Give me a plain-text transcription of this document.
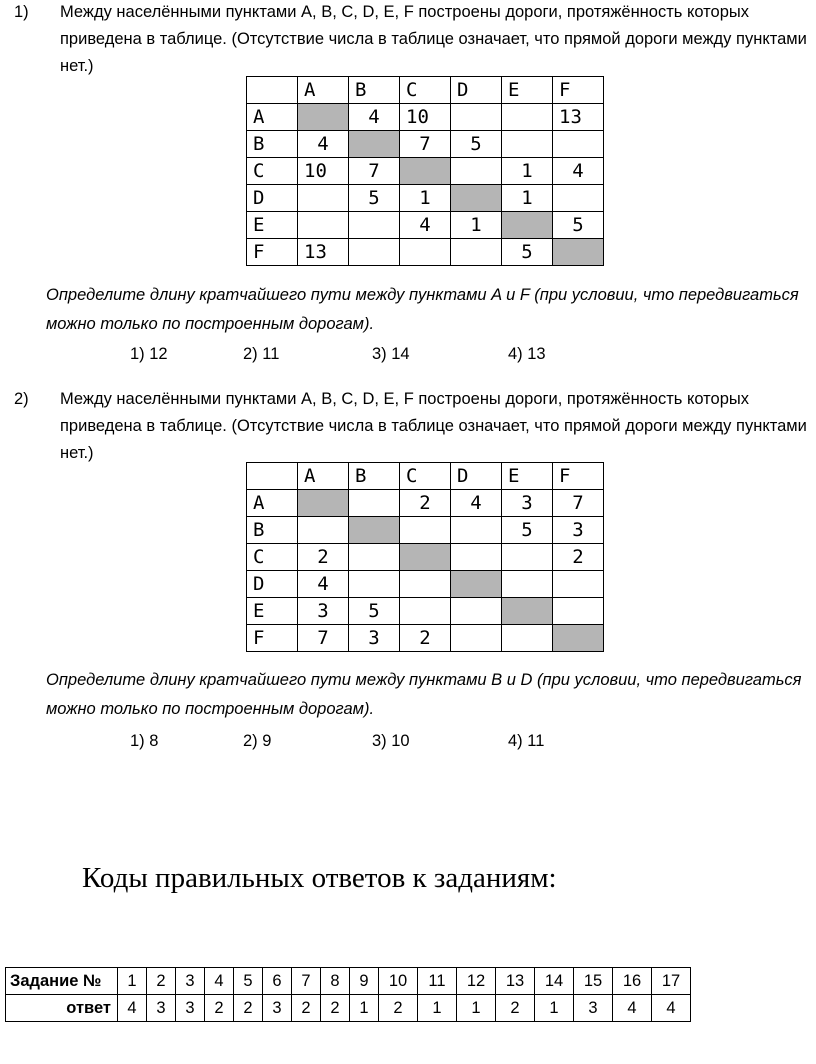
1) Между населёнными пунктами A, B, C, D, E, F построены дороги, протяжённость которых приведена в таблице. (Отсутствие числа в таблице означает, что прямой дороги между пунктами нет.)
	A	B	C	D	E	F
A		4	10			13
B	4		7	5		
C	10	7			1	4
D		5	1		1	
E			4	1		5
F	13				5	
Определите длину кратчайшего пути между пунктами A и F (при условии, что передвигаться можно только по построенным дорогам).
1) 12	2) 11	3) 14	4) 13
2) Между населёнными пунктами A, B, C, D, E, F построены дороги, протяжённость которых приведена в таблице. (Отсутствие числа в таблице означает, что прямой дороги между пунктами нет.)
	A	B	C	D	E	F
A			2	4	3	7
B					5	3
C	2					2
D	4					
E	3	5				
F	7	3	2			
Определите длину кратчайшего пути между пунктами B и D (при условии, что передвигаться можно только по построенным дорогам).
1) 8	2) 9	3) 10	4) 11
Коды правильных ответов к заданиям:
Задание №	1	2	3	4	5	6	7	8	9	10	11	12	13	14	15	16	17
ответ	4	3	3	2	2	3	2	2	1	2	1	1	2	1	3	4	4
